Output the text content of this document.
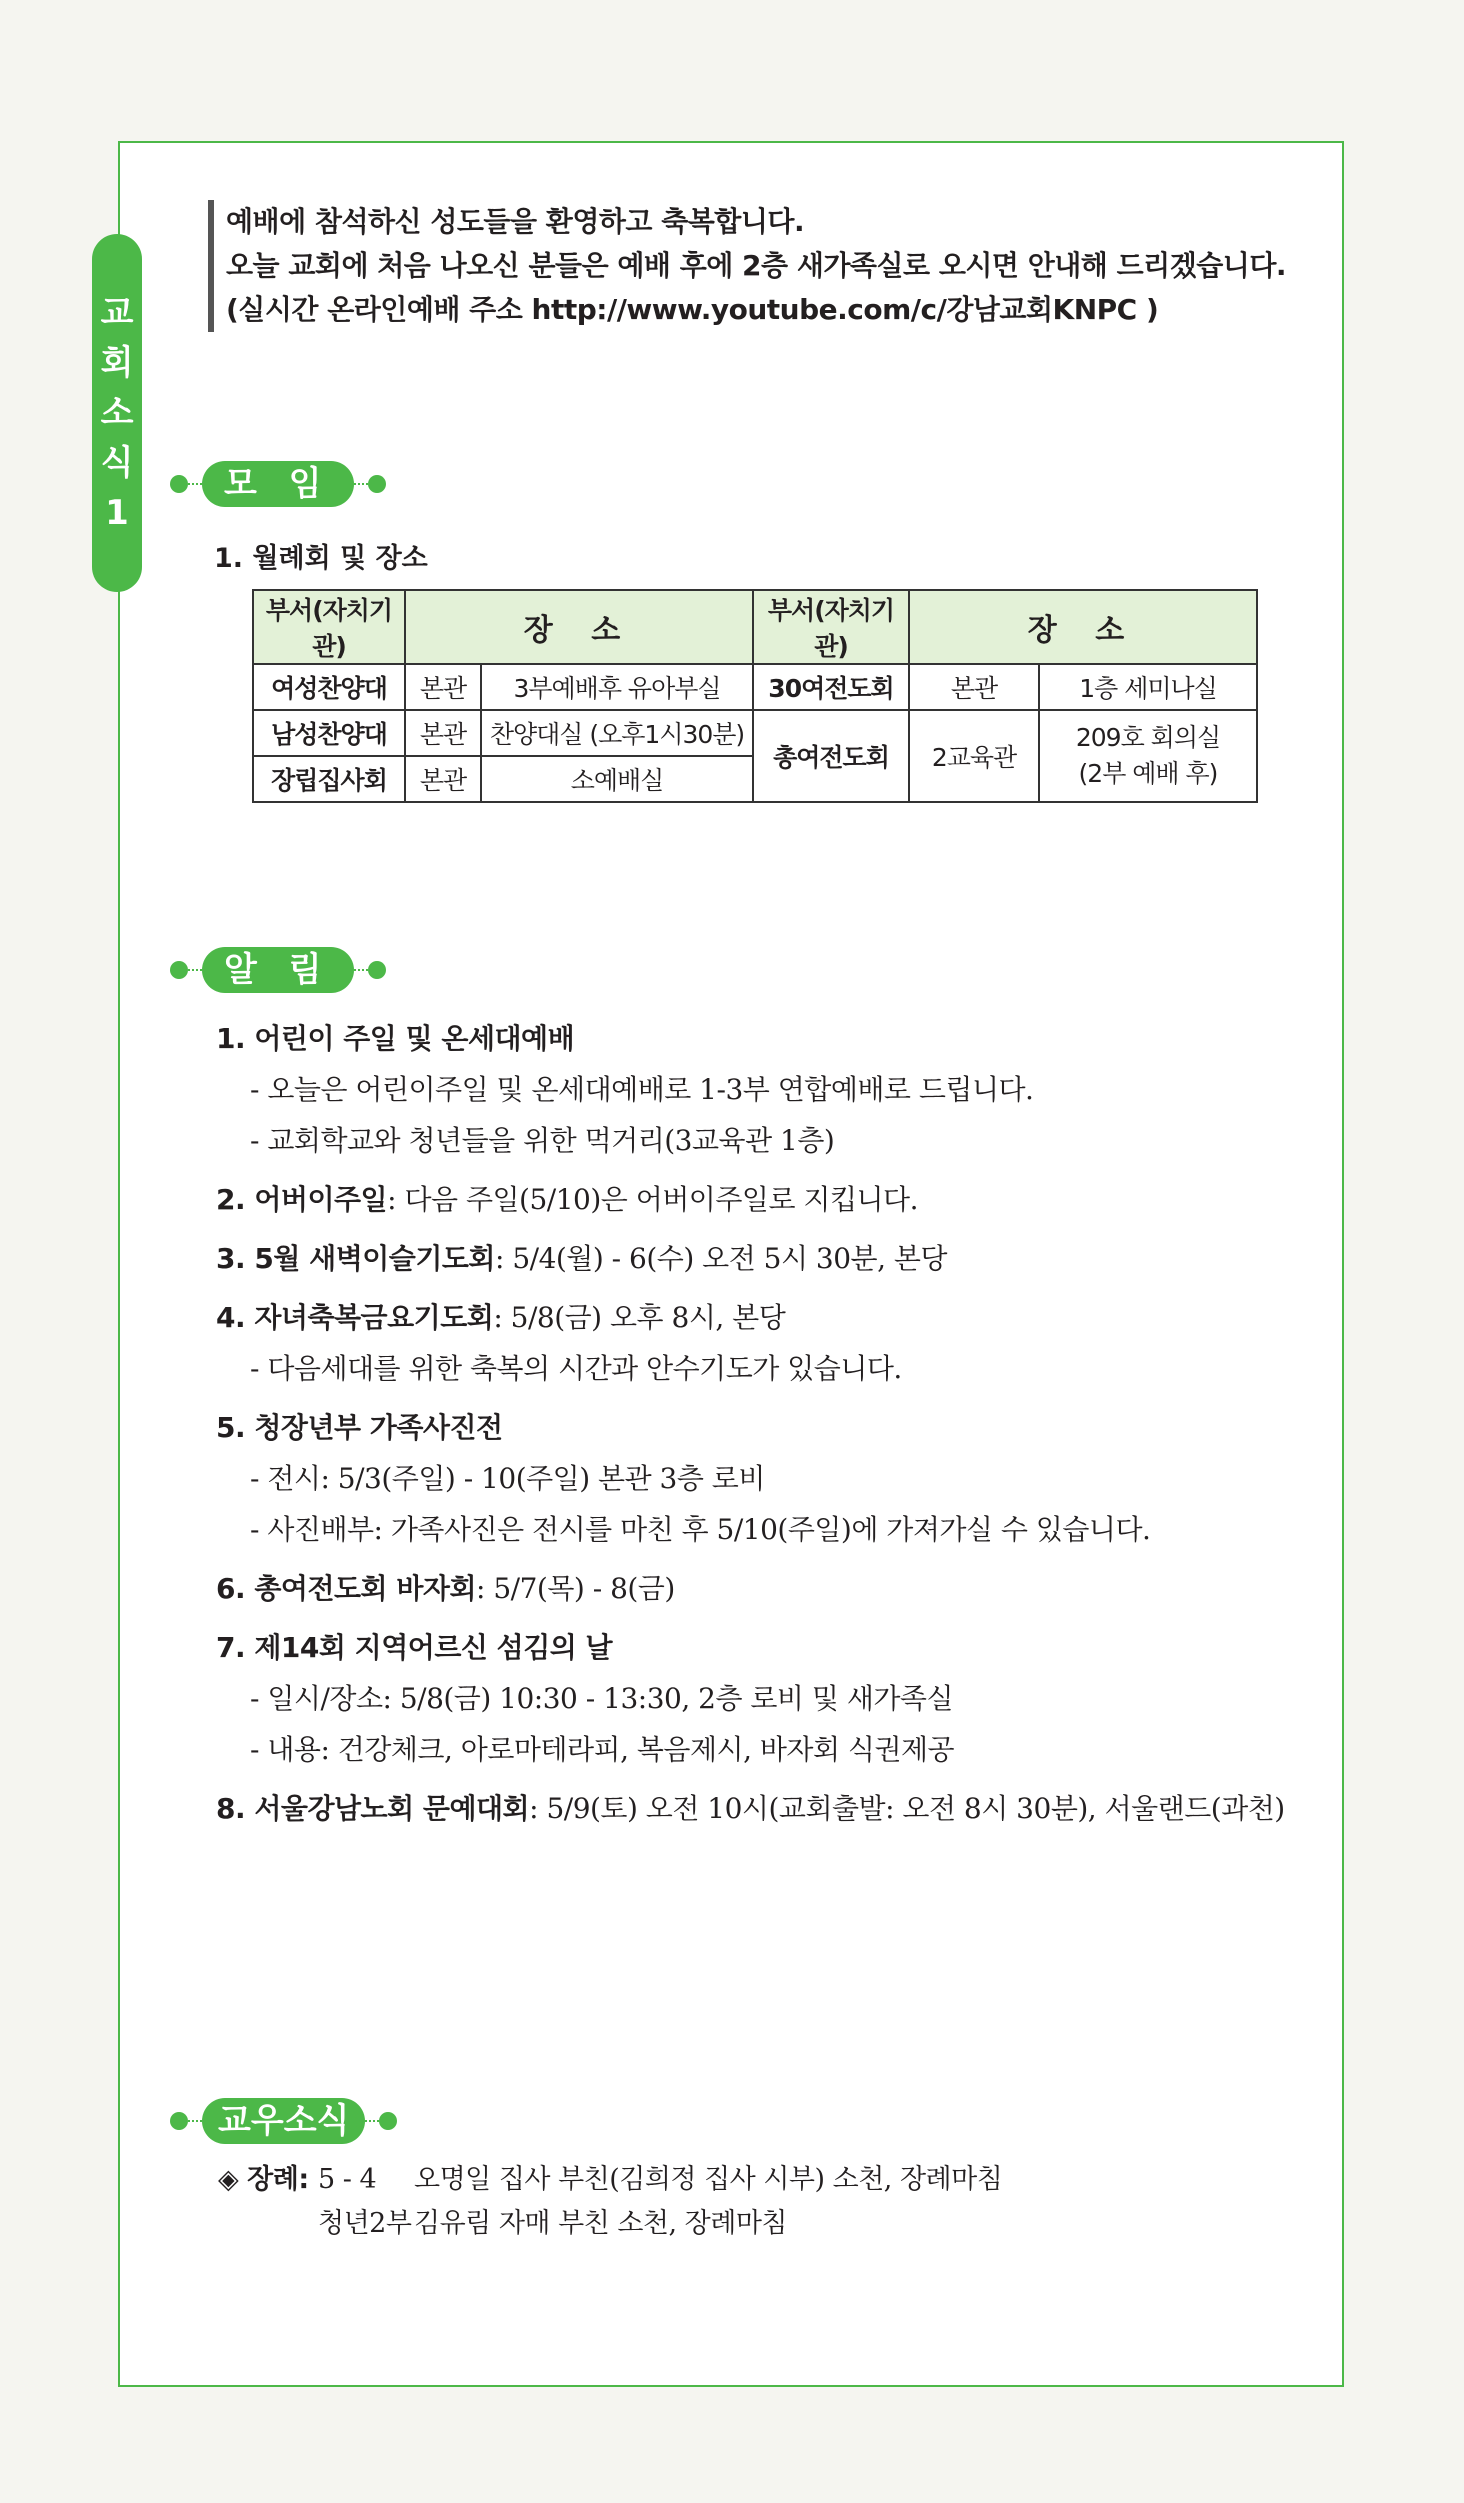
교
회
소
식
1
예배에 참석하신 성도들을 환영하고 축복합니다.
오늘 교회에 처음 나오신 분들은 예배 후에 2층 새가족실로 오시면 안내해 드리겠습니다.
(실시간 온라인예배 주소 http://www.youtube.com/c/강남교회KNPC )
모 임
1. 월례회 및 장소
부서(자치기관)	장 소		부서(자치기관)	장 소	
여성찬양대	본관	3부예배후 유아부실	30여전도회	본관	1층 세미나실
남성찬양대	본관	찬양대실 (오후1시30분)	총여전도회	2교육관	209호 회의실
(2부 예배 후)

장립집사회	본관	소예배실			
알 림
1. 어린이 주일 및 온세대예배
- 오늘은 어린이주일 및 온세대예배로 1-3부 연합예배로 드립니다.
- 교회학교와 청년들을 위한 먹거리(3교육관 1층)
2. 어버이주일: 다음 주일(5/10)은 어버이주일로 지킵니다.
3. 5월 새벽이슬기도회: 5/4(월) - 6(수) 오전 5시 30분, 본당
4. 자녀축복금요기도회: 5/8(금) 오후 8시, 본당
- 다음세대를 위한 축복의 시간과 안수기도가 있습니다.
5. 청장년부 가족사진전
- 전시: 5/3(주일) - 10(주일) 본관 3층 로비
- 사진배부: 가족사진은 전시를 마친 후 5/10(주일)에 가져가실 수 있습니다.
6. 총여전도회 바자회: 5/7(목) - 8(금)
7. 제14회 지역어르신 섬김의 날
- 일시/장소: 5/8(금) 10:30 - 13:30, 2층 로비 및 새가족실
- 내용: 건강체크, 아로마테라피, 복음제시, 바자회 식권제공
8. 서울강남노회 문예대회: 5/9(토) 오전 10시(교회출발: 오전 8시 30분), 서울랜드(과천)
교우소식
◈ 장례: 5 - 4	오명일 집사 부친(김희정 집사 시부) 소천, 장례마침
청년2부 김유림 자매 부친 소천, 장례마침
